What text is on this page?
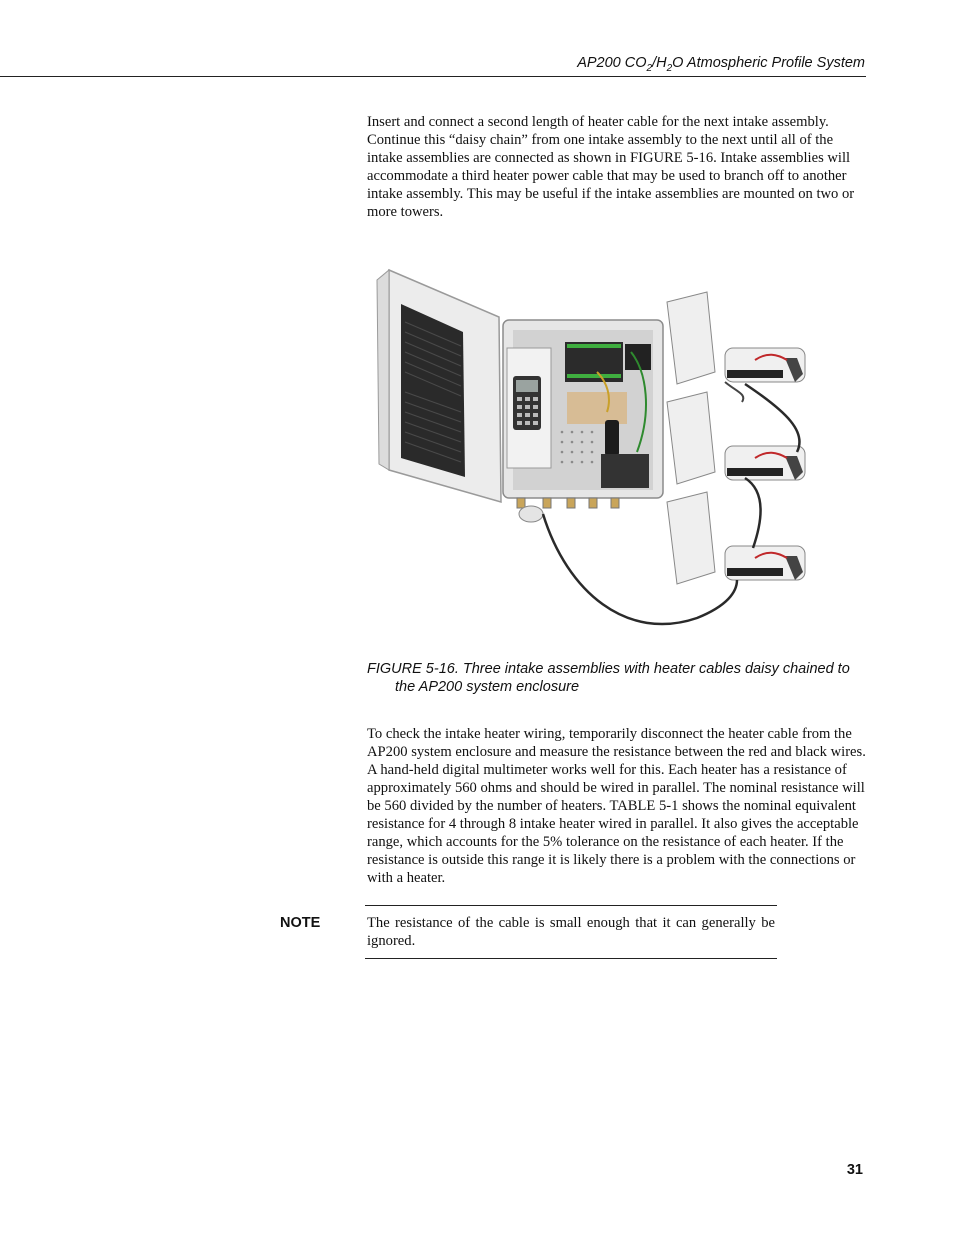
AP200 $CO_2/H_2O$ Atmospheric Profile System

Insert and connect a second length of heater cable for the next intake assembly. Continue this “daisy chain” from one intake assembly to the next until all of the intake assemblies are connected as shown in FIGURE 5-16. Intake assemblies will accommodate a third heater power cable that may be used to branch off to another intake assembly. This may be useful if the intake assemblies are mounted on two or more towers.

FIGURE 5-16. Three intake assemblies with heater cables daisy chained to the AP200 system enclosure

To check the intake heater wiring, temporarily disconnect the heater cable from the AP200 system enclosure and measure the resistance between the red and black wires. A hand-held digital multimeter works well for this. Each heater has a resistance of approximately 560 ohms and should be wired in parallel. The nominal resistance will be 560 divided by the number of heaters. TABLE 5-1 shows the nominal equivalent resistance for 4 through 8 intake heater wired in parallel. It also gives the acceptable range, which accounts for the 5% tolerance on the resistance of each heater. If the resistance is outside this range it is likely there is a problem with the connections or with a heater.

NOTE	The resistance of the cable is small enough that it can generally be ignored.
31
